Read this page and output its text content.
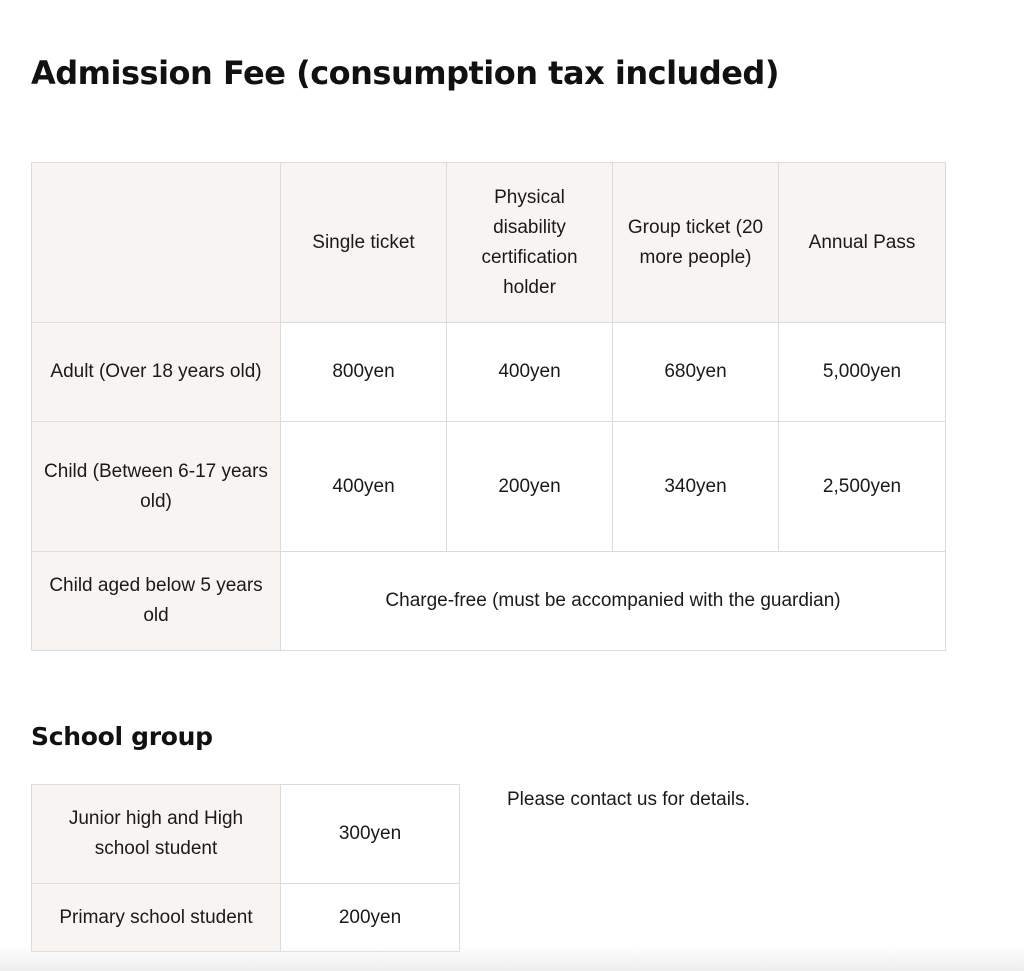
Admission Fee (consumption tax included)
	Single ticket	Physical disability certification holder	Group ticket (20 more people)	Annual Pass
Adult (Over 18 years old)	800yen	400yen	680yen	5,000yen
Child (Between 6-17 years old)	400yen	200yen	340yen	2,500yen
Child aged below 5 years old	Charge-free (must be accompanied with the guardian)			
School group
Junior high and High school student	300yen
Primary school student	200yen

Please contact us for details.
